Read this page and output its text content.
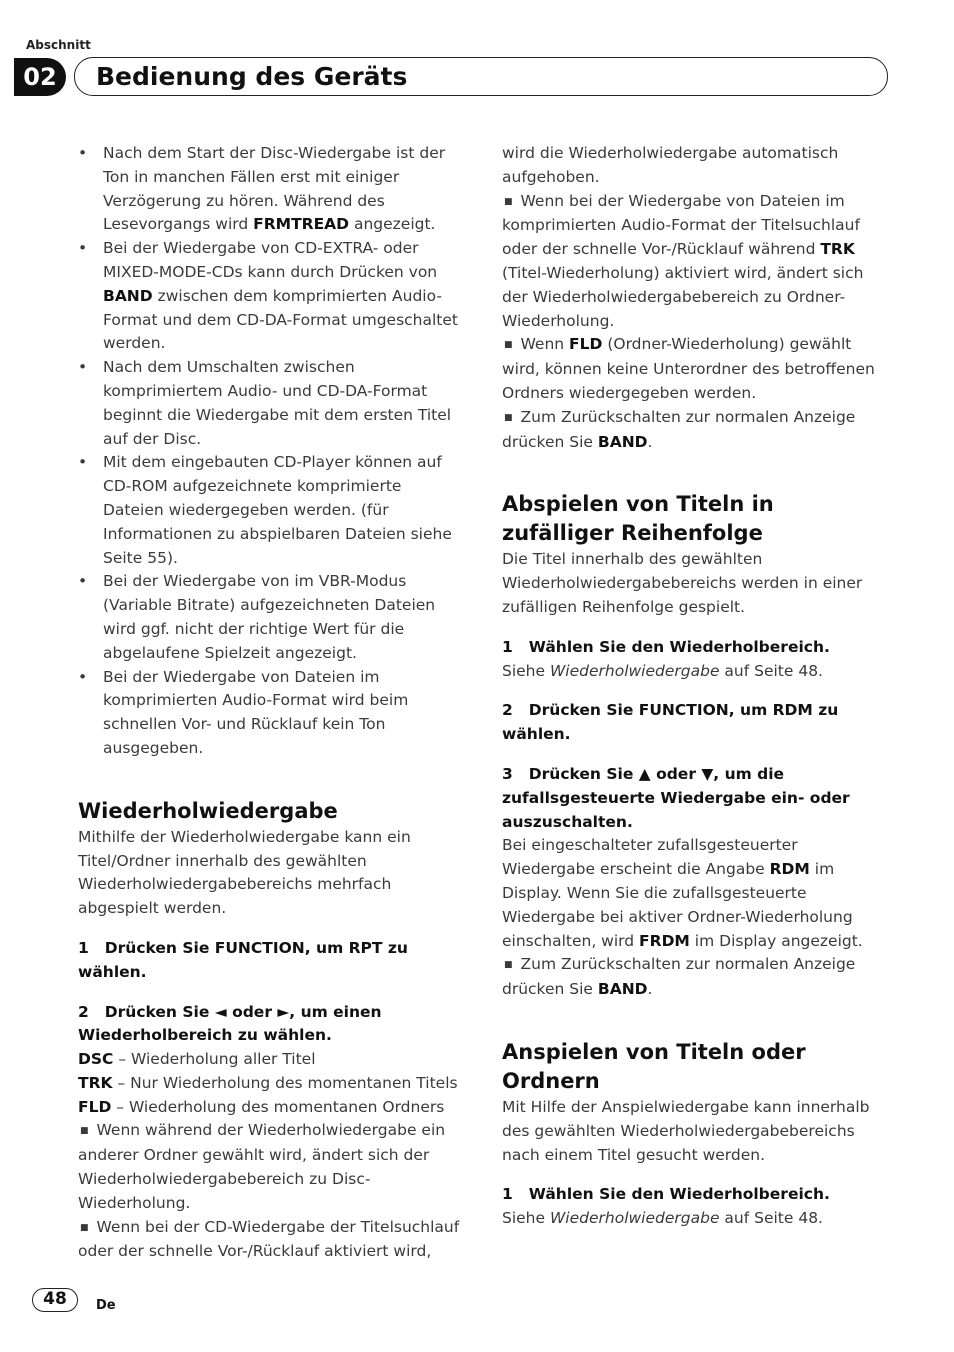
Abschnitt
02	Bedienung des Geräts
• Nach dem Start der Disc-Wiedergabe ist der Ton in manchen Fällen erst mit einiger Verzögerung zu hören. Während des Lesevorgangs wird FRMTREAD angezeigt.
• Bei der Wiedergabe von CD-EXTRA- oder MIXED-MODE-CDs kann durch Drücken von BAND zwischen dem komprimierten Audio-Format und dem CD-DA-Format umgeschaltet werden.
• Nach dem Umschalten zwischen komprimiertem Audio- und CD-DA-Format beginnt die Wiedergabe mit dem ersten Titel auf der Disc.
• Mit dem eingebauten CD-Player können auf CD-ROM aufgezeichnete komprimierte Dateien wiedergegeben werden. (für Informationen zu abspielbaren Dateien siehe Seite 55).
• Bei der Wiedergabe von im VBR-Modus (Variable Bitrate) aufgezeichneten Dateien wird ggf. nicht der richtige Wert für die abgelaufene Spielzeit angezeigt.
• Bei der Wiedergabe von Dateien im komprimierten Audio-Format wird beim schnellen Vor- und Rücklauf kein Ton ausgegeben.
Wiederholwiedergabe

Mithilfe der Wiederholwiedergabe kann ein Titel/Ordner innerhalb des gewählten Wiederholwiedergabebereichs mehrfach abgespielt werden.

1 Drücken Sie FUNCTION, um RPT zu wählen.

2 Drücken Sie ◄ oder ►, um einen Wiederholbereich zu wählen.

DSC – Wiederholung aller Titel

TRK – Nur Wiederholung des momentanen Titels

FLD – Wiederholung des momentanen Ordners

■ Wenn während der Wiederholwiedergabe ein anderer Ordner gewählt wird, ändert sich der Wiederholwiedergabebereich zu Disc-Wiederholung.

■ Wenn bei der CD-Wiedergabe der Titelsuchlauf oder der schnelle Vor-/Rücklauf aktiviert wird,

wird die Wiederholwiedergabe automatisch aufgehoben.

■ Wenn bei der Wiedergabe von Dateien im komprimierten Audio-Format der Titelsuchlauf oder der schnelle Vor-/Rücklauf während TRK (Titel-Wiederholung) aktiviert wird, ändert sich der Wiederholwiedergabebereich zu Ordner-Wiederholung.

■ Wenn FLD (Ordner-Wiederholung) gewählt wird, können keine Unterordner des betroffenen Ordners wiedergegeben werden.

■ Zum Zurückschalten zur normalen Anzeige drücken Sie BAND.

Abspielen von Titeln in zufälliger Reihenfolge

Die Titel innerhalb des gewählten Wiederholwiedergabebereichs werden in einer zufälligen Reihenfolge gespielt.

1 Wählen Sie den Wiederholbereich.

Siehe Wiederholwiedergabe auf Seite 48.

2 Drücken Sie FUNCTION, um RDM zu wählen.

3 Drücken Sie ▲ oder ▼, um die zufallsgesteuerte Wiedergabe ein- oder auszuschalten.

Bei eingeschalteter zufallsgesteuerter Wiedergabe erscheint die Angabe RDM im Display. Wenn Sie die zufallsgesteuerte Wiedergabe bei aktiver Ordner-Wiederholung einschalten, wird FRDM im Display angezeigt.

■ Zum Zurückschalten zur normalen Anzeige drücken Sie BAND.

Anspielen von Titeln oder Ordnern

Mit Hilfe der Anspielwiedergabe kann innerhalb des gewählten Wiederholwiedergabebereichs nach einem Titel gesucht werden.

1 Wählen Sie den Wiederholbereich.

Siehe Wiederholwiedergabe auf Seite 48.

48	De
